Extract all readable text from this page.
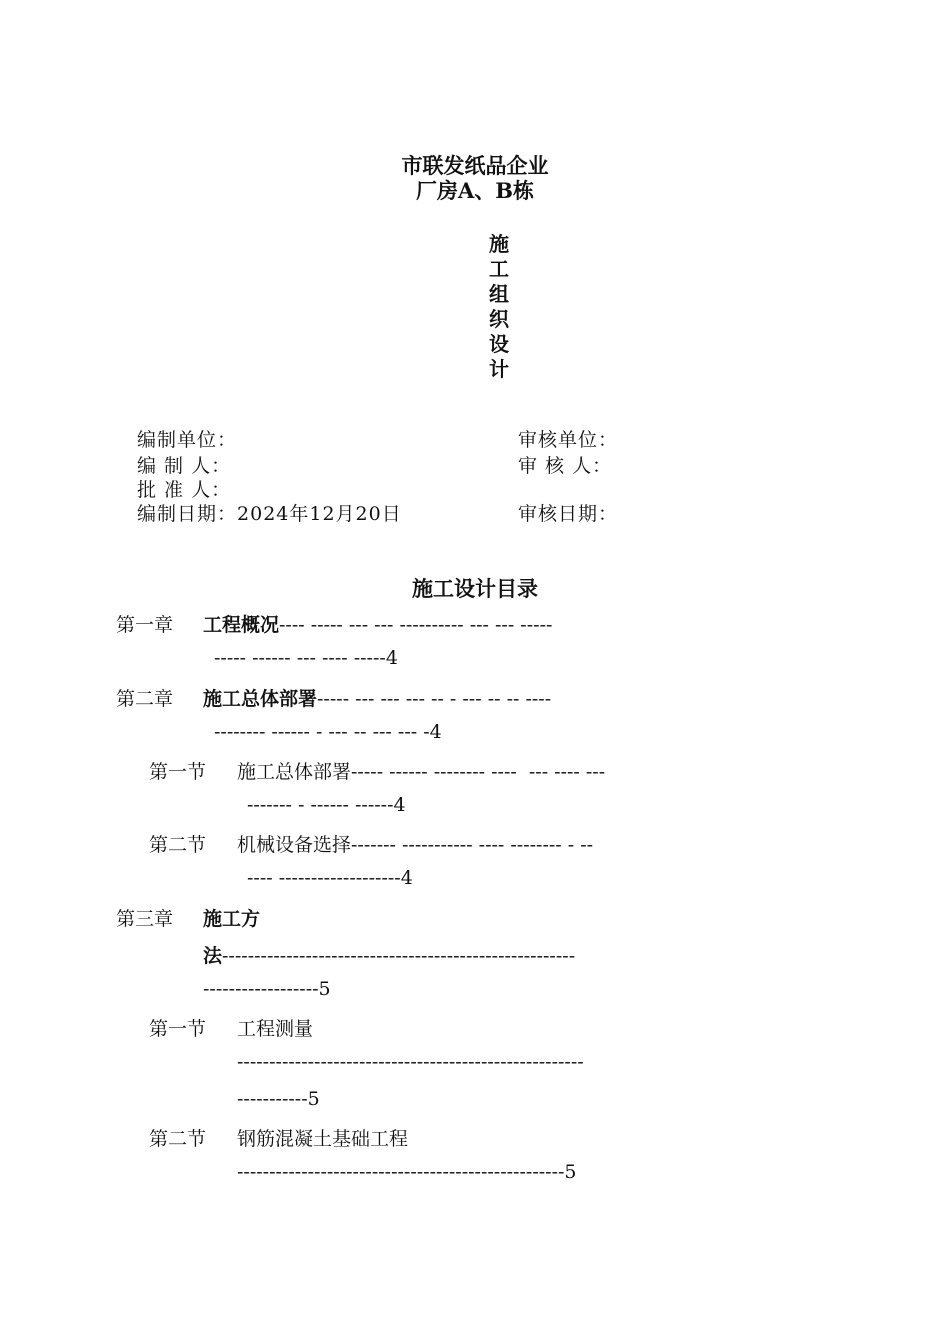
市联发纸品企业
厂房A、B栋
施
工
组
织
设
计
编制单位：
编 制 人：
批 准 人：
编制日期：2024年12月20日
审核单位：
审 核 人：
审核日期：
施工设计目录
第一章 工程概况---- ----- --- --- ---------- --- --- -----
----- ------ --- ---- -----4
第二章 施工总体部署----- --- --- --- -- - --- -- -- ----
-------- ------ - --- -- --- --- -4
第一节 施工总体部署----- ------ -------- ----  --- ---- ---
------- - ------ ------4
第二节 机械设备选择------- ----------- ---- -------- - --
---- -------------------4
第三章 施工方
法-------------------------------------------------------
------------------5
第一节 工程测量
------------------------------------------------------
-----------5
第二节 钢筋混凝土基础工程
---------------------------------------------------5
